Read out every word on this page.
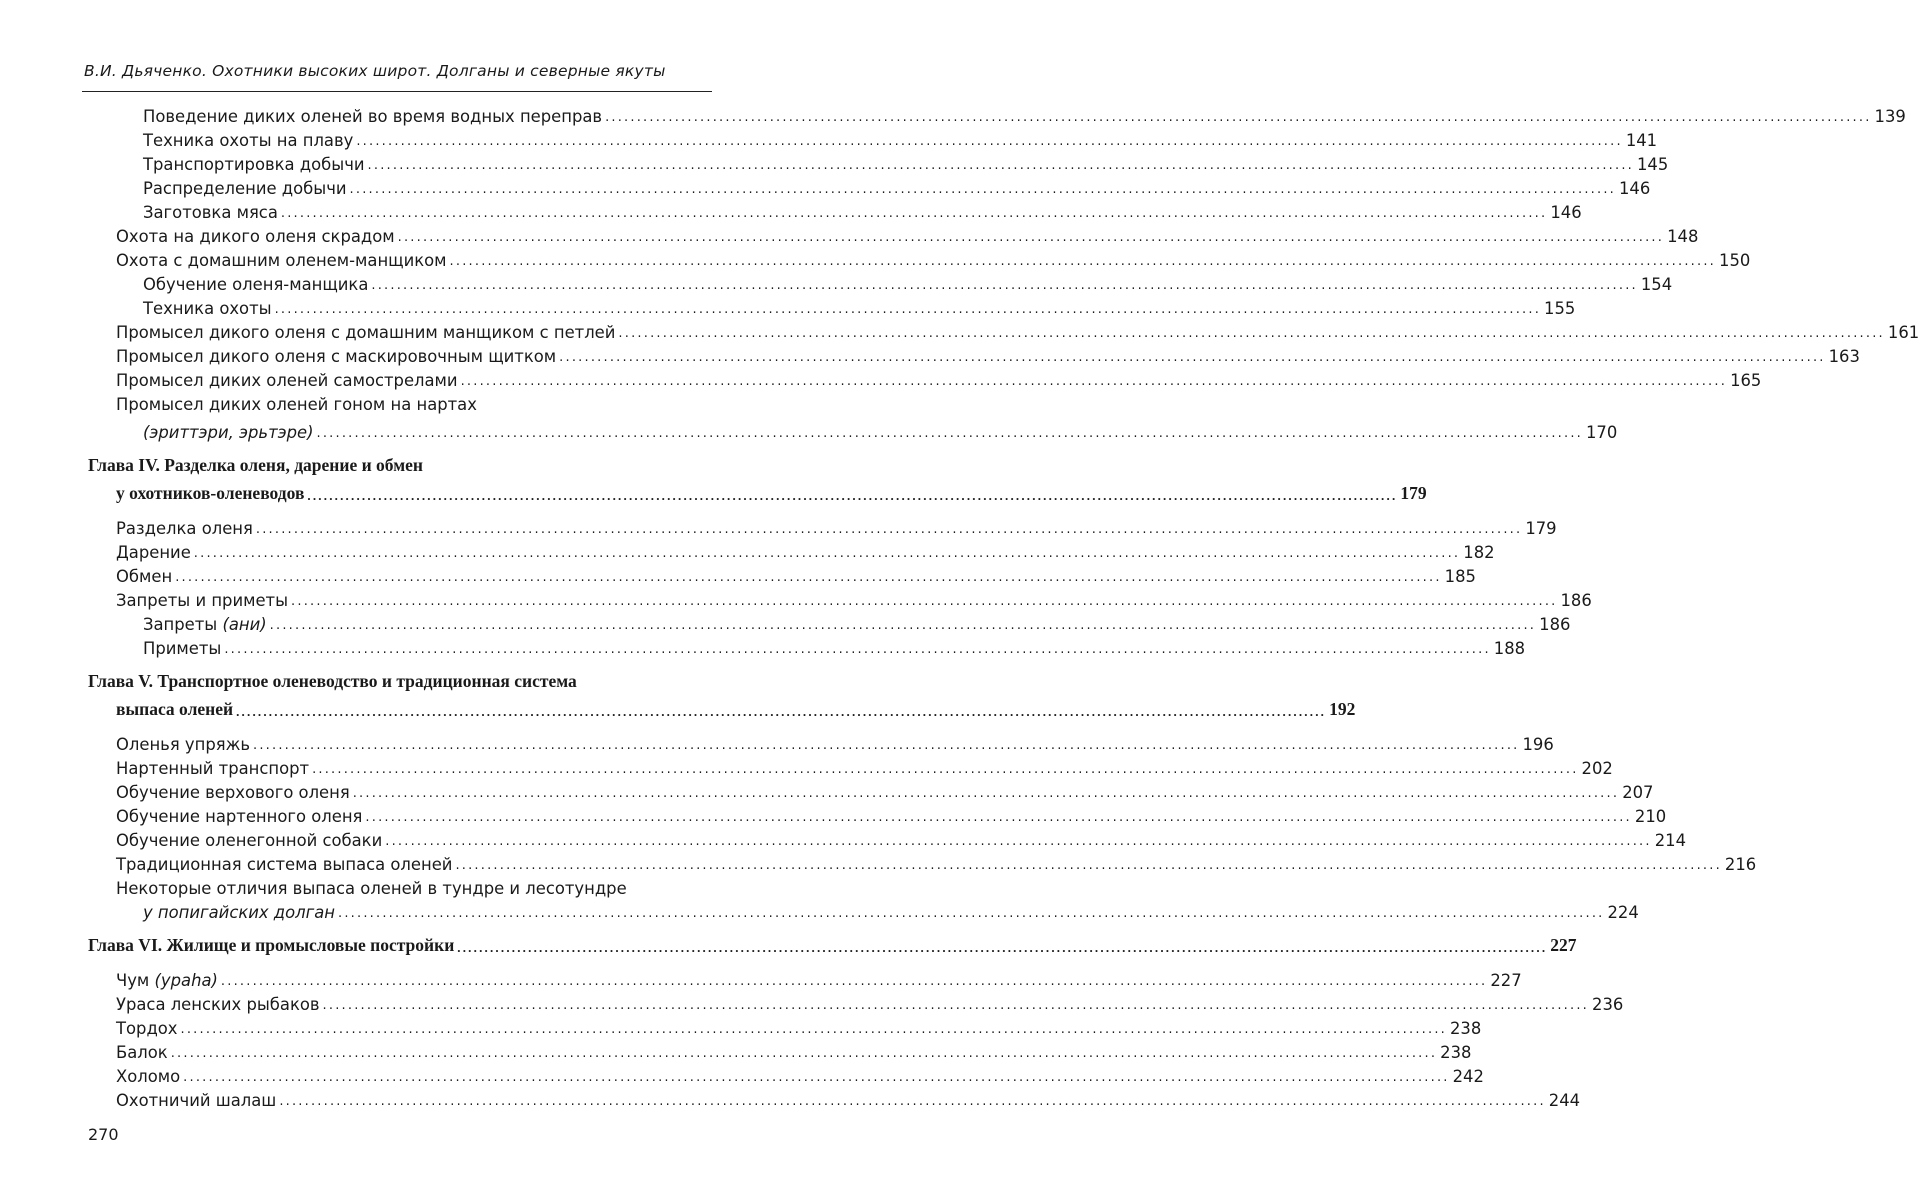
В.И. Дьяченко. Охотники высоких широт. Долганы и северные якуты
Поведение диких оленей во время водных переправ ........................................................................................................................................................................................................ 139
Техника охоты на плаву ........................................................................................................................................................................................................ 141
Транспортировка добычи ........................................................................................................................................................................................................ 145
Распределение добычи ........................................................................................................................................................................................................ 146
Заготовка мяса ........................................................................................................................................................................................................ 146
Охота на дикого оленя скрадом ........................................................................................................................................................................................................ 148
Охота с домашним оленем-манщиком ........................................................................................................................................................................................................ 150
Обучение оленя-манщика ........................................................................................................................................................................................................ 154
Техника охоты ........................................................................................................................................................................................................ 155
Промысел дикого оленя с домашним манщиком с петлей ........................................................................................................................................................................................................ 161
Промысел дикого оленя с маскировочным щитком ........................................................................................................................................................................................................ 163
Промысел диких оленей самострелами ........................................................................................................................................................................................................ 165
Промысел диких оленей гоном на нартах
(эриттэри, эрьтэре) ........................................................................................................................................................................................................ 170
Глава IV. Разделка оленя, дарение и обмен
у охотников-оленеводов ........................................................................................................................................................................................................ 179
Разделка оленя ........................................................................................................................................................................................................ 179
Дарение ........................................................................................................................................................................................................ 182
Обмен ........................................................................................................................................................................................................ 185
Запреты и приметы ........................................................................................................................................................................................................ 186
Запреты (ани) ........................................................................................................................................................................................................ 186
Приметы ........................................................................................................................................................................................................ 188
Глава V. Транспортное оленеводство и традиционная система
выпаса оленей ........................................................................................................................................................................................................ 192
Оленья упряжь ........................................................................................................................................................................................................ 196
Нартенный транспорт ........................................................................................................................................................................................................ 202
Обучение верхового оленя ........................................................................................................................................................................................................ 207
Обучение нартенного оленя ........................................................................................................................................................................................................ 210
Обучение оленегонной собаки ........................................................................................................................................................................................................ 214
Традиционная система выпаса оленей ........................................................................................................................................................................................................ 216
Некоторые отличия выпаса оленей в тундре и лесотундре
у попигайских долган ........................................................................................................................................................................................................ 224
Глава VI. Жилище и промысловые постройки ........................................................................................................................................................................................................ 227
Чум (ураһа) ........................................................................................................................................................................................................ 227
Ураса ленских рыбаков ........................................................................................................................................................................................................ 236
Тордох ........................................................................................................................................................................................................ 238
Балок ........................................................................................................................................................................................................ 238
Холомо ........................................................................................................................................................................................................ 242
Охотничий шалаш ........................................................................................................................................................................................................ 244
270
